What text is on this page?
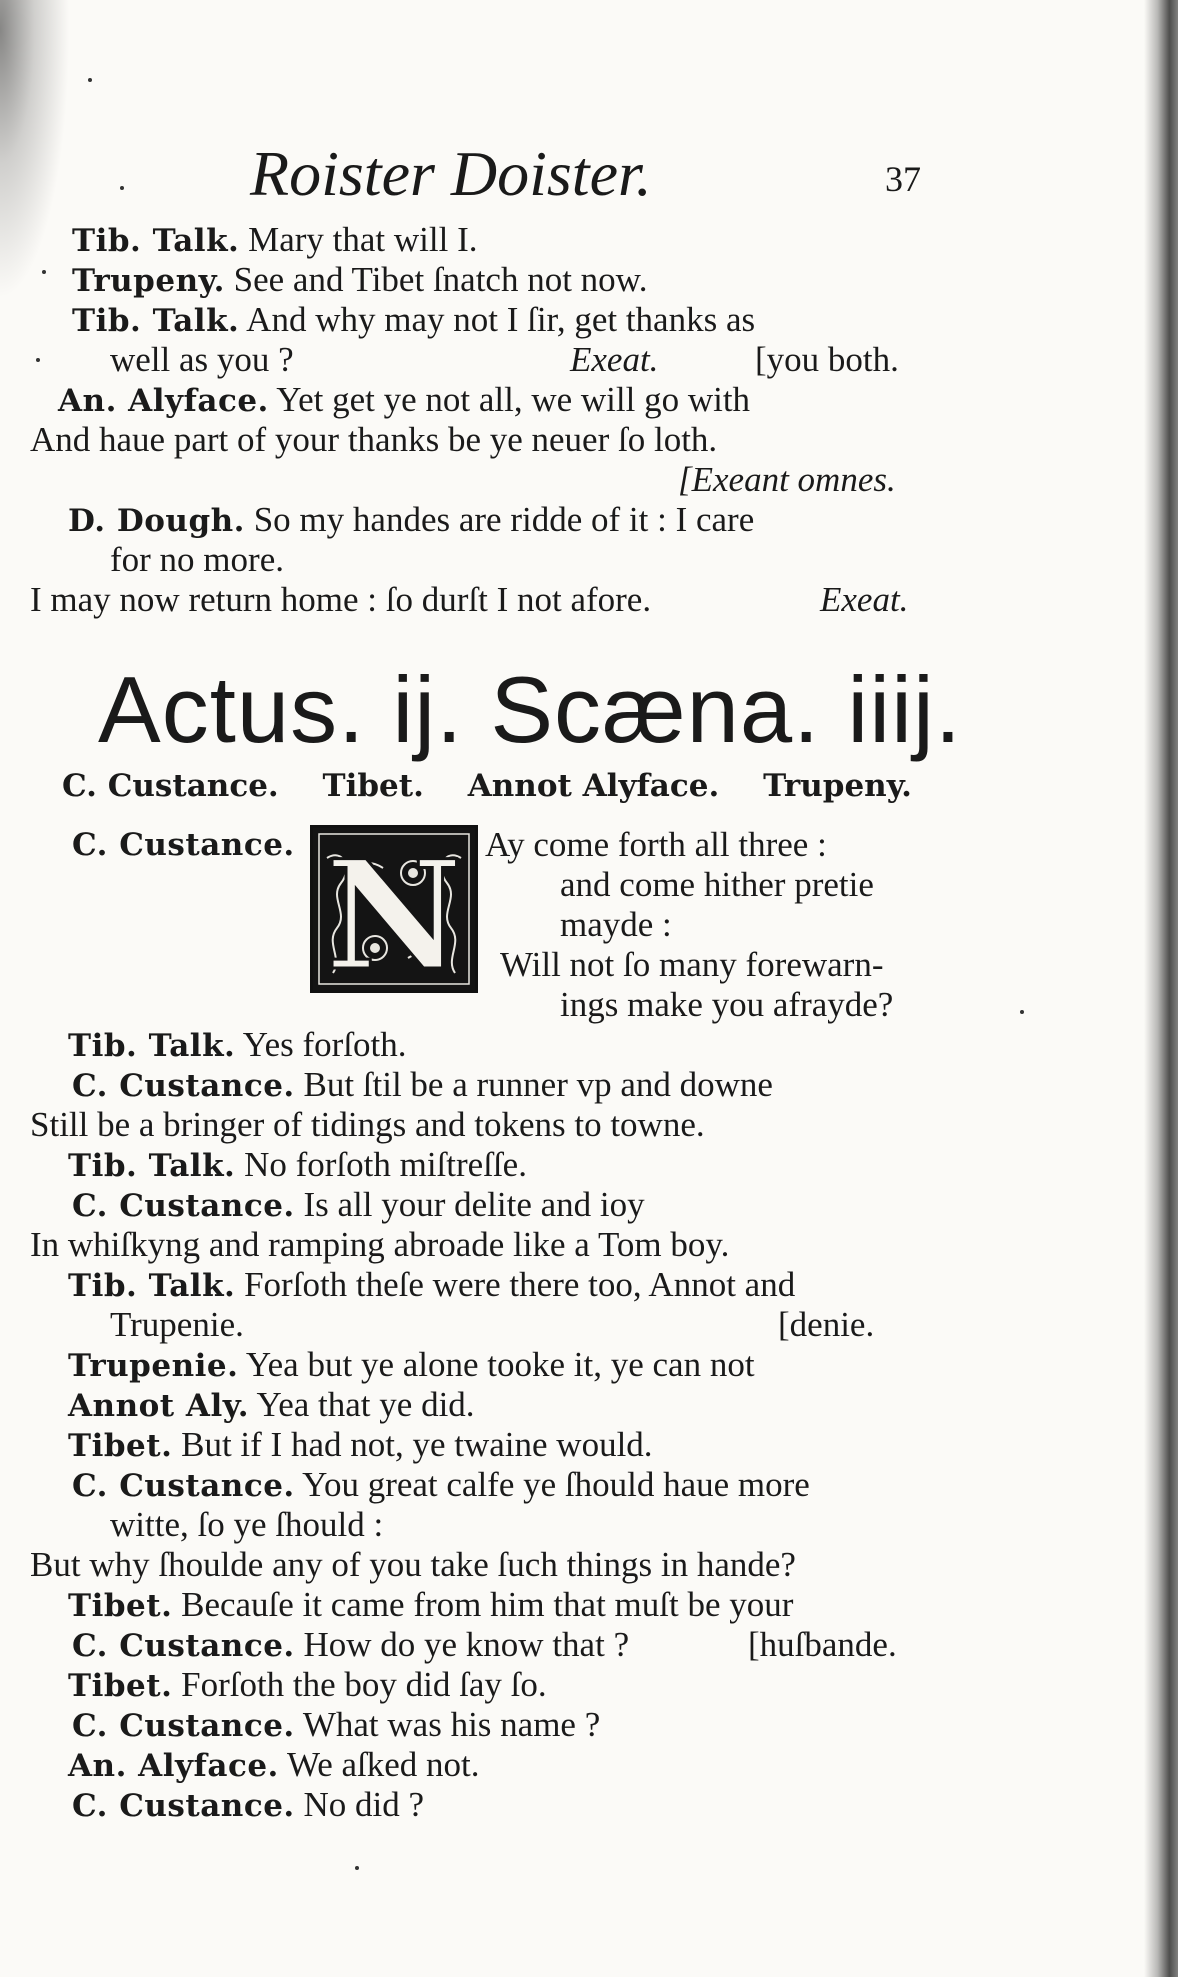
Roister Doister.	37
Tib. Talk. Mary that will I.
Trupeny. See and Tibet ſnatch not now.
Tib. Talk. And why may not I ſir, get thanks as
well as you ?	Exeat.	[you both.
An. Alyface. Yet get ye not all, we will go with
And haue part of your thanks be ye neuer ſo loth.
[Exeant omnes.
D. Dough. So my handes are ridde of it : I care
for no more.
I may now return home : ſo durſt I not afore.	Exeat.
Actus. ij. Scæna. iiij.
C. Custance. Tibet. Annot Alyface. Trupeny.
C. Custance. N Ay come forth all three :
and come hither pretie
mayde :
Will not ſo many forewarn-
ings make you afrayde?
Tib. Talk. Yes forſoth.
C. Custance. But ſtil be a runner vp and downe
Still be a bringer of tidings and tokens to towne.
Tib. Talk. No forſoth miſtreſſe.
C. Custance. Is all your delite and ioy
In whiſkyng and ramping abroade like a Tom boy.
Tib. Talk. Forſoth theſe were there too, Annot and
Trupenie.	[denie.
Trupenie. Yea but ye alone tooke it, ye can not
Annot Aly. Yea that ye did.
Tibet. But if I had not, ye twaine would.
C. Custance. You great calfe ye ſhould haue more
witte, ſo ye ſhould :
But why ſhoulde any of you take ſuch things in hande?
Tibet. Becauſe it came from him that muſt be your
C. Custance. How do ye know that ?	[huſbande.
Tibet. Forſoth the boy did ſay ſo.
C. Custance. What was his name ?
An. Alyface. We aſked not.
C. Custance. No did ?
